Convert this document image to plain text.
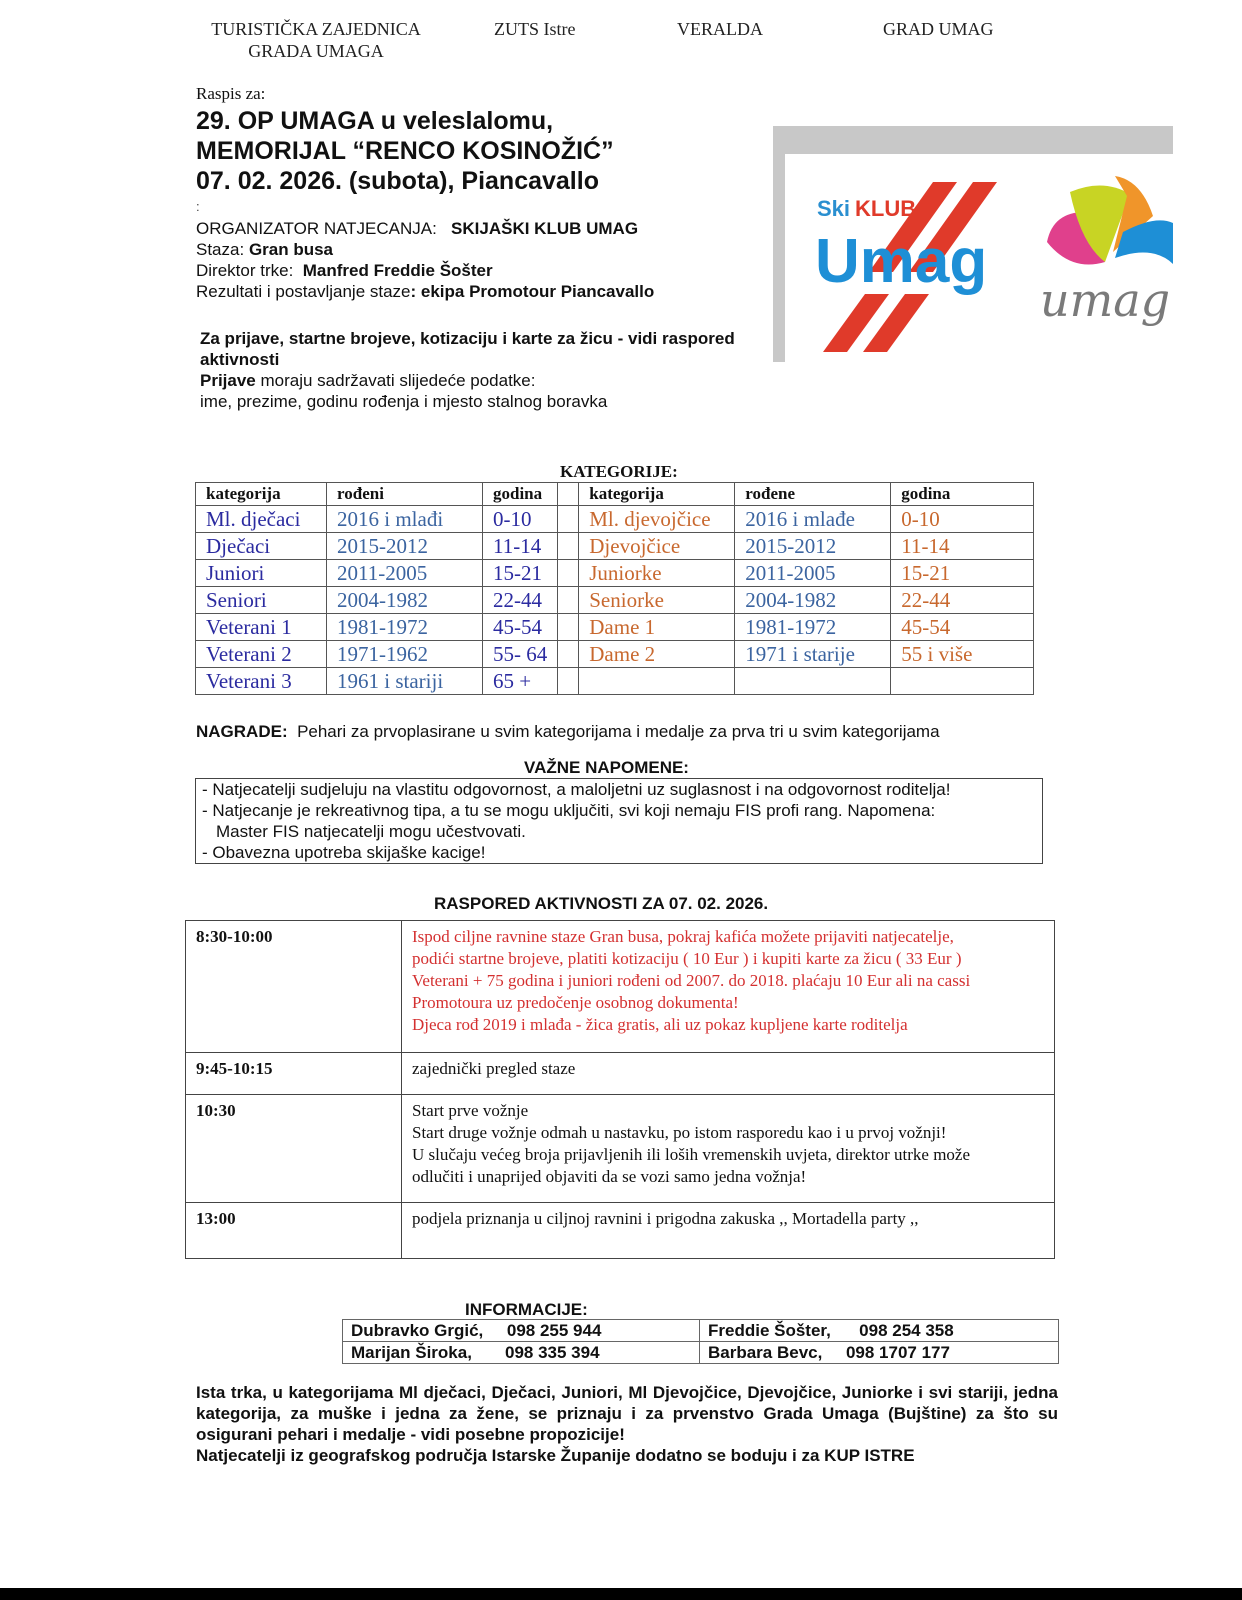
TURISTIČKA ZAJEDNICA
GRADA UMAGA
ZUTS Istre	VERALDA	GRAD UMAG
Raspis za:
29. OP UMAGA u veleslalomu,
MEMORIJAL “RENCO KOSINOŽIĆ”
07. 02. 2026. (subota), Piancavallo
:
ORGANIZATOR NATJECANJA: SKIJAŠKI KLUB UMAG
Staza: Gran busa
Direktor trke: Manfred Freddie Šošter
Rezultati i postavljanje staze: ekipa Promotour Piancavallo
Za prijave, startne brojeve, kotizaciju i karte za žicu - vidi raspored aktivnosti
Prijave moraju sadržavati slijedeće podatke:
ime, prezime, godinu rođenja i mjesto stalnog boravka
Ski KLUB
Umag
umag
KATEGORIJE:
kategorija	rođeni	godina		kategorija	rođene	godina
Ml. dječaci	2016 i mlađi	0-10		Ml. djevojčice	2016 i mlađe	0-10
Dječaci	2015-2012	11-14		Djevojčice	2015-2012	11-14
Juniori	2011-2005	15-21		Juniorke	2011-2005	15-21
Seniori	2004-1982	22-44		Seniorke	2004-1982	22-44
Veterani 1	1981-1972	45-54		Dame 1	1981-1972	45-54
Veterani 2	1971-1962	55- 64		Dame 2	1971 i starije	55 i više
Veterani 3	1961 i stariji	65 +				
NAGRADE: Pehari za prvoplasirane u svim kategorijama i medalje za prva tri u svim kategorijama
VAŽNE NAPOMENE:
- Natjecatelji sudjeluju na vlastitu odgovornost, a maloljetni uz suglasnost i na odgovornost roditelja!
- Natjecanje je rekreativnog tipa, a tu se mogu uključiti, svi koji nemaju FIS profi rang. Napomena:
Master FIS natjecatelji mogu učestvovati.
- Obavezna upotreba skijaške kacige!
RASPORED AKTIVNOSTI ZA 07. 02. 2026.
8:30-10:00	Ispod ciljne ravnine staze Gran busa, pokraj kafića možete prijaviti natjecatelje,
podići startne brojeve, platiti kotizaciju ( 10 Eur ) i kupiti karte za žicu ( 33 Eur )
Veterani + 75 godina i juniori rođeni od 2007. do 2018. plaćaju 10 Eur ali na cassi
Promotoura uz predočenje osobnog dokumenta!
Djeca rođ 2019 i mlađa - žica gratis, ali uz pokaz kupljene karte roditelja

9:45-10:15	zajednički pregled staze

10:30	Start prve vožnje
Start druge vožnje odmah u nastavku, po istom rasporedu kao i u prvoj vožnji!
U slučaju većeg broja prijavljenih ili loših vremenskih uvjeta, direktor utrke može
odlučiti i unaprijed objaviti da se vozi samo jedna vožnja!

13:00	podjela priznanja u ciljnoj ravnini i prigodna zakuska ,, Mortadella party ,,
INFORMACIJE:
Dubravko Grgić,     098 255 944	Freddie Šošter,      098 254 358
Marijan Široka,       098 335 394	Barbara Bevc,     098 1707 177
Ista trka, u kategorijama Ml dječaci, Dječaci, Juniori, Ml Djevojčice, Djevojčice, Juniorke i svi stariji, jedna kategorija, za muške i jedna za žene, se priznaju i za prvenstvo Grada Umaga (Bujštine) za što su osigurani pehari i medalje - vidi posebne propozicije!
Natjecatelji iz geografskog područja Istarske Županije dodatno se boduju i za KUP ISTRE
